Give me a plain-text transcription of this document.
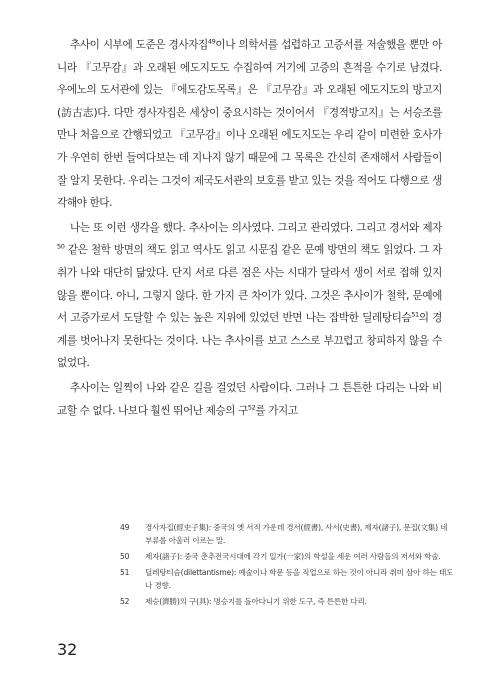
추사이 시부에 도준은 경사자집$^{49}$이나 의학서를 섭렵하고 고증서를 저술했을 뿐만 아니라 『고무감』과 오래된 에도지도도 수집하여 거기에 고증의 흔적을 수기로 남겼다. 우에노의 도서관에 있는 『에도감도목록』은 『고무감』과 오래된 에도지도의 방고지(訪古志)다. 다만 경사자집은 세상이 중요시하는 것이어서 『경적방고지』는 서승조를 만나 처음으로 간행되었고 『고무감』이나 오래된 에도지도는 우리 같이 미련한 호사가가 우연히 한번 들여다보는 데 지나지 않기 때문에 그 목록은 간신히 존재해서 사람들이 잘 알지 못한다. 우리는 그것이 제국도서관의 보호를 받고 있는 것을 적어도 다행으로 생각해야 한다.

나는 또 이런 생각을 했다. 추사이는 의사였다. 그리고 관리였다. 그리고 경서와 제자$^{50}$ 같은 철학 방면의 책도 읽고 역사도 읽고 시문집 같은 문예 방면의 책도 읽었다. 그 자취가 나와 대단히 닮았다. 단지 서로 다른 점은 사는 시대가 달라서 생이 서로 접해 있지 않을 뿐이다. 아니, 그렇지 않다. 한 가지 큰 차이가 있다. 그것은 추사이가 철학, 문예에서 고증가로서 도달할 수 있는 높은 지위에 있었던 반면 나는 잡박한 딜레탕티슴$^{51}$의 경계를 벗어나지 못한다는 것이다. 나는 추사이를 보고 스스로 부끄럽고 창피하지 않을 수 없었다.

추사이는 일찍이 나와 같은 길을 걸었던 사람이다. 그러나 그 튼튼한 다리는 나와 비교할 수 없다. 나보다 훨씬 뛰어난 제승의 구$^{52}$를 가지고

49	경사자집(經史子集): 중국의 옛 서적 가운데 경서(經書), 사서(史書), 제자(諸子), 문집(文集) 네 부류를 아울러 이르는 말.
50	제자(諸子): 중국 춘추전국시대에 각기 일가(一家)의 학설을 세운 여러 사람들의 저서와 학술.
51	딜레탕티슴(dilettantisme): 예술이나 학문 등을 직업으로 하는 것이 아니라 취미 삼아 하는 태도나 경향.
52	제승(濟勝)의 구(具): 명승지를 돌아다니기 위한 도구, 즉 튼튼한 다리.
32
